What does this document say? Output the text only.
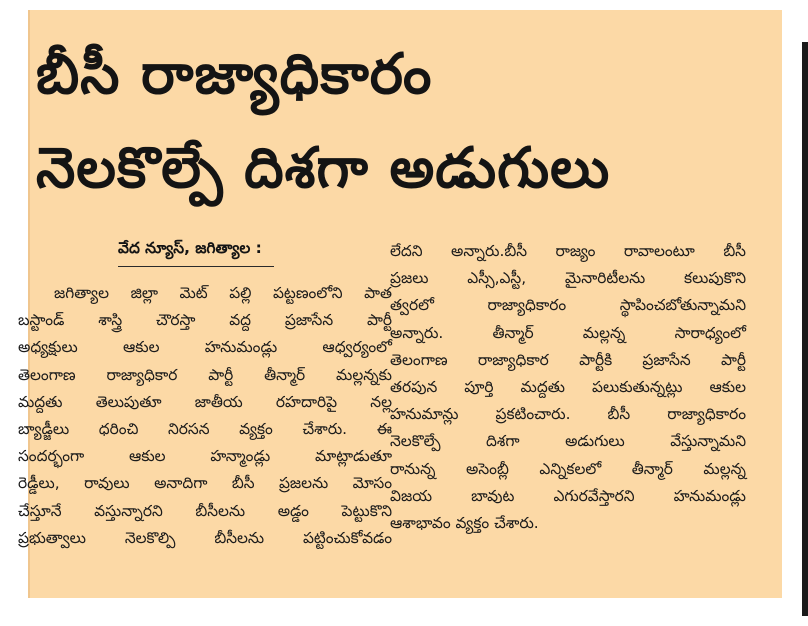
బీసీ రాజ్యాధికారం
నెలకొల్పే దిశగా అడుగులు
వేద న్యూస్, జగిత్యాల :
జగిత్యాల జిల్లా మెట్ పల్లి పట్టణంలోని పాత
బస్టాండ్ శాస్త్రి చౌరస్తా వద్ద ప్రజాసేన పార్టీ
అధ్యక్షులు ఆకుల హనుమండ్లు ఆధ్వర్యంలో
తెలంగాణ రాజ్యాధికార పార్టీ తీన్మార్ మల్లన్నకు
మద్దతు తెలుపుతూ జాతీయ రహదారిపై నల్ల
బ్యాడ్జీలు ధరించి నిరసన వ్యక్తం చేశారు. ఈ
సందర్భంగా ఆకుల హన్మాండ్లు మాట్లాడుతూ
రెడ్డీలు, రావులు అనాదిగా బీసీ ప్రజలను మోసం
చేస్తూనే వస్తున్నారని బీసీలను అడ్డం పెట్టుకొని
ప్రభుత్వాలు నెలకొల్పి బీసీలను పట్టించుకోవడం
లేదని అన్నారు.బీసీ రాజ్యం రావాలంటూ బీసీ
ప్రజలు ఎస్సీ,ఎస్టీ, మైనారిటీలను కలుపుకొని
త్వరలో రాజ్యాధికారం స్థాపించబోతున్నామని
అన్నారు. తీన్మార్ మల్లన్న సారాధ్యంలో
తెలంగాణ రాజ్యాధికార పార్టీకి ప్రజాసేన పార్టీ
తరపున పూర్తి మద్దతు పలుకుతున్నట్లు ఆకుల
హనుమాన్లు ప్రకటించారు. బీసీ రాజ్యాధికారం
నెలకొల్పే దిశగా అడుగులు వేస్తున్నామని
రానున్న అసెంబ్లీ ఎన్నికలలో తీన్మార్ మల్లన్న
విజయ బావుట ఎగురవేస్తారని హనుమండ్లు
ఆశాభావం వ్యక్తం చేశారు.
